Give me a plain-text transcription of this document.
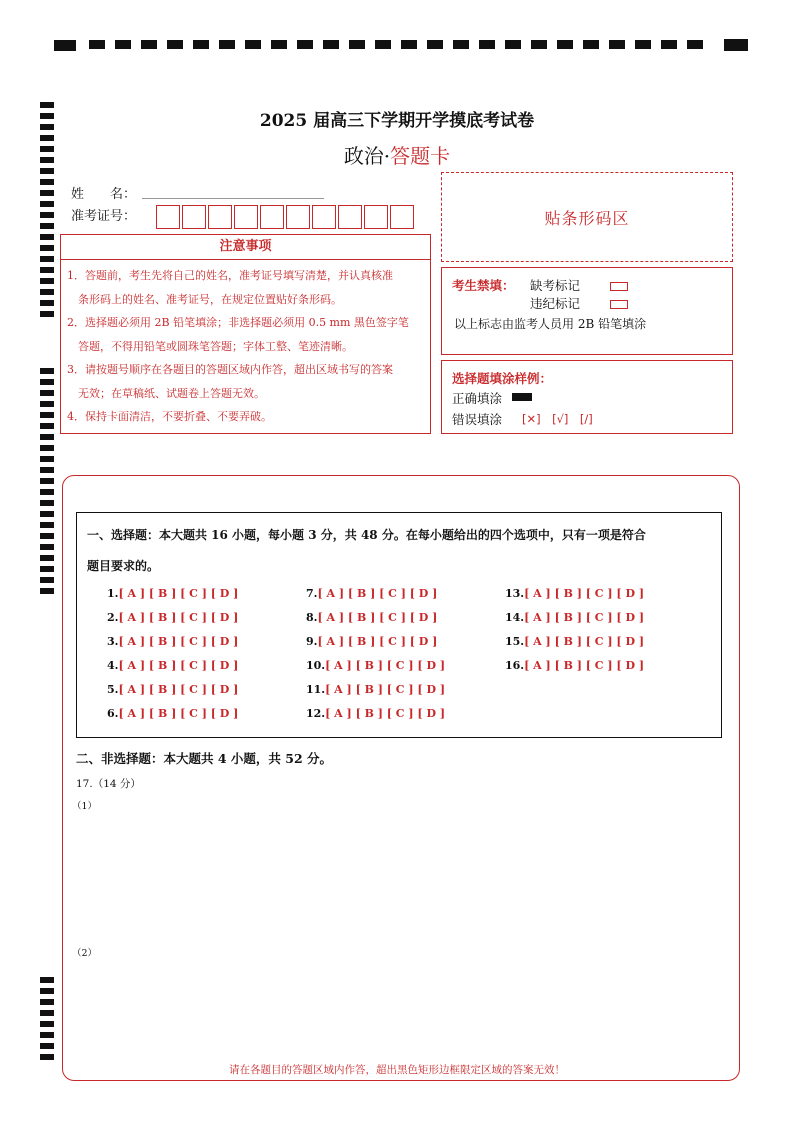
2025 届高三下学期开学摸底考试卷
政治·答题卡
姓　　名：
准考证号：
注意事项
1．答题前，考生先将自己的姓名，准考证号填写清楚，并认真核准
　条形码上的姓名、准考证号，在规定位置贴好条形码。
2．选择题必须用 2B 铅笔填涂；非选择题必须用 0.5 mm 黑色签字笔
　答题，不得用铅笔或圆珠笔答题；字体工整、笔迹清晰。
3．请按题号顺序在各题目的答题区域内作答，超出区域书写的答案
　无效；在草稿纸、试题卷上答题无效。
4．保持卡面清洁，不要折叠、不要弄破。
贴条形码区
考生禁填： 缺考标记
违纪标记
以上标志由监考人员用 2B 铅笔填涂
选择题填涂样例：
正确填涂
错误填涂 [✕]　[√]　[/]
一、选择题：本大题共 16 小题，每小题 3 分，共 48 分。在每小题给出的四个选项中，只有一项是符合
题目要求的。
1.[ A ] [ B ] [ C ] [ D ]
2.[ A ] [ B ] [ C ] [ D ]
3.[ A ] [ B ] [ C ] [ D ]
4.[ A ] [ B ] [ C ] [ D ]
5.[ A ] [ B ] [ C ] [ D ]
6.[ A ] [ B ] [ C ] [ D ]
7.[ A ] [ B ] [ C ] [ D ]
8.[ A ] [ B ] [ C ] [ D ]
9.[ A ] [ B ] [ C ] [ D ]
10.[ A ] [ B ] [ C ] [ D ]
11.[ A ] [ B ] [ C ] [ D ]
12.[ A ] [ B ] [ C ] [ D ]
13.[ A ] [ B ] [ C ] [ D ]
14.[ A ] [ B ] [ C ] [ D ]
15.[ A ] [ B ] [ C ] [ D ]
16.[ A ] [ B ] [ C ] [ D ]
二、非选择题：本大题共 4 小题，共 52 分。
17.（14 分）
（1）
（2）
请在各题目的答题区域内作答，超出黑色矩形边框限定区域的答案无效！
